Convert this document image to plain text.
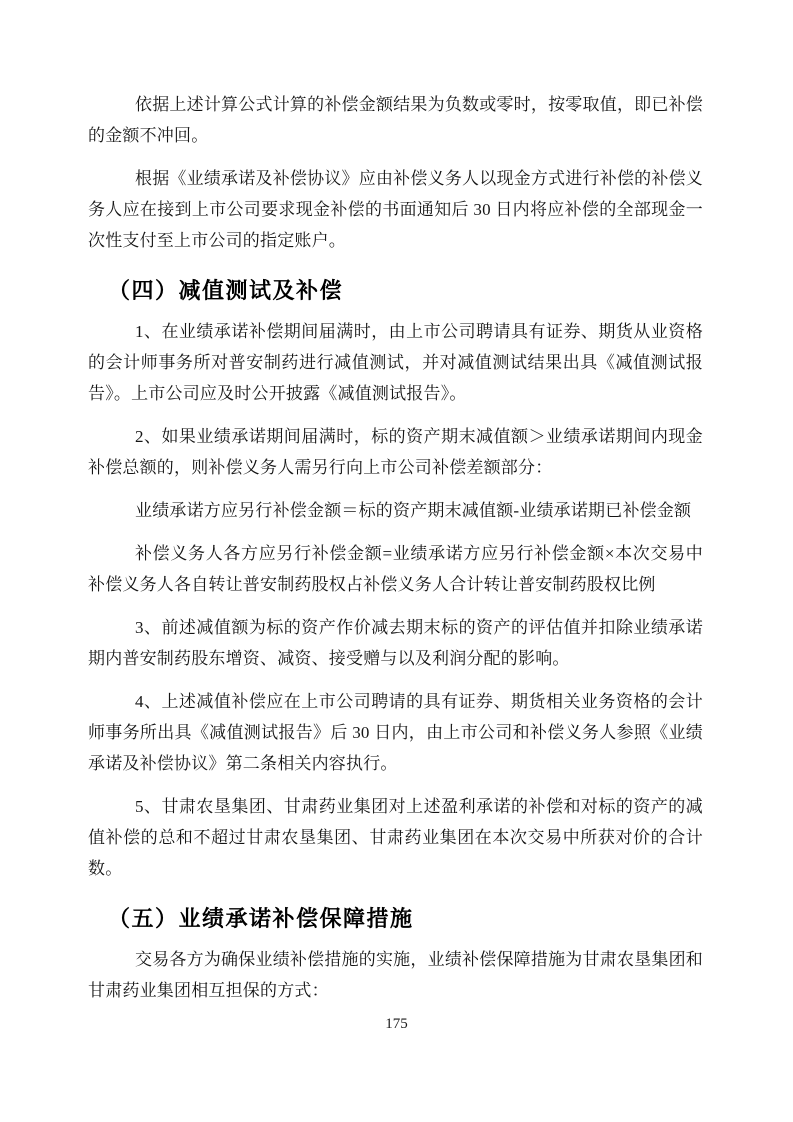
依据上述计算公式计算的补偿金额结果为负数或零时，按零取值，即已补偿的金额不冲回。

根据《业绩承诺及补偿协议》应由补偿义务人以现金方式进行补偿的补偿义务人应在接到上市公司要求现金补偿的书面通知后 30 日内将应补偿的全部现金一次性支付至上市公司的指定账户。

（四）减值测试及补偿

1、在业绩承诺补偿期间届满时，由上市公司聘请具有证券、期货从业资格的会计师事务所对普安制药进行减值测试，并对减值测试结果出具《减值测试报告》。上市公司应及时公开披露《减值测试报告》。

2、如果业绩承诺期间届满时，标的资产期末减值额＞业绩承诺期间内现金补偿总额的，则补偿义务人需另行向上市公司补偿差额部分：

业绩承诺方应另行补偿金额＝标的资产期末减值额-业绩承诺期已补偿金额

补偿义务人各方应另行补偿金额=业绩承诺方应另行补偿金额×本次交易中补偿义务人各自转让普安制药股权占补偿义务人合计转让普安制药股权比例

3、前述减值额为标的资产作价减去期末标的资产的评估值并扣除业绩承诺期内普安制药股东增资、减资、接受赠与以及利润分配的影响。

4、上述减值补偿应在上市公司聘请的具有证券、期货相关业务资格的会计师事务所出具《减值测试报告》后 30 日内，由上市公司和补偿义务人参照《业绩承诺及补偿协议》第二条相关内容执行。

5、甘肃农垦集团、甘肃药业集团对上述盈利承诺的补偿和对标的资产的减值补偿的总和不超过甘肃农垦集团、甘肃药业集团在本次交易中所获对价的合计数。

（五）业绩承诺补偿保障措施

交易各方为确保业绩补偿措施的实施，业绩补偿保障措施为甘肃农垦集团和甘肃药业集团相互担保的方式：

175
